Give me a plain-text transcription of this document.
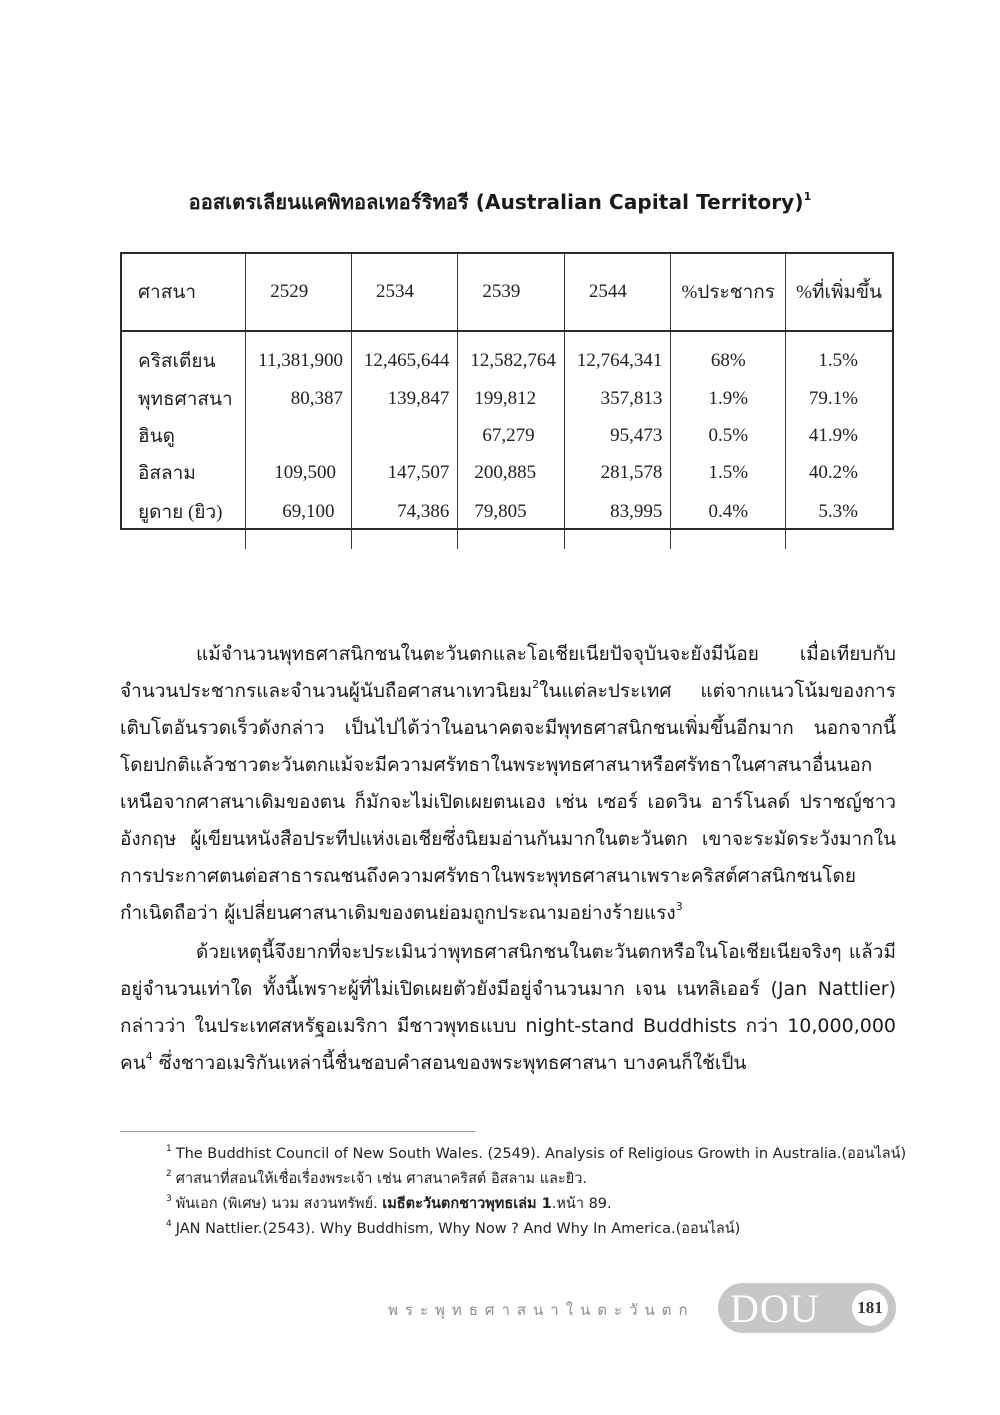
ออสเตรเลียนแคพิทอลเทอร์ริทอรี (Australian Capital Territory)$^1$
ศาสนา	2529	2534	2539	2544	%ประชากร	%ที่เพิ่มขึ้น
คริสเตียน	11,381,900	12,465,644	12,582,764	12,764,341	68%	1.5%
พุทธศาสนา	80,387	139,847	199,812	357,813	1.9%	79.1%
ฮินดู			67,279	95,473	0.5%	41.9%
อิสลาม	109,500	147,507	200,885	281,578	1.5%	40.2%
ยูดาย (ยิว)	69,100	74,386	79,805	83,995	0.4%	5.3%

แม้จำนวนพุทธศาสนิกชนในตะวันตกและโอเชียเนียปัจจุบันจะยังมีน้อย เมื่อเทียบกับจำนวนประชากรและจำนวนผู้นับถือศาสนาเทวนิยม$^2$ในแต่ละประเทศ แต่จากแนวโน้มของการเติบโตอันรวดเร็วดังกล่าว เป็นไปได้ว่าในอนาคตจะมีพุทธศาสนิกชนเพิ่มขึ้นอีกมาก นอกจากนี้โดยปกติแล้วชาวตะวันตกแม้จะมีความศรัทธาในพระพุทธศาสนาหรือศรัทธาในศาสนาอื่นนอกเหนือจากศาสนาเดิมของตน ก็มักจะไม่เปิดเผยตนเอง เช่น เซอร์ เอดวิน อาร์โนลด์ ปราชญ์ชาวอังกฤษ ผู้เขียนหนังสือประทีปแห่งเอเชียซึ่งนิยมอ่านกันมากในตะวันตก เขาจะระมัดระวังมากในการประกาศตนต่อสาธารณชนถึงความศรัทธาในพระพุทธศาสนาเพราะคริสต์ศาสนิกชนโดยกำเนิดถือว่า ผู้เปลี่ยนศาสนาเดิมของตนย่อมถูกประณามอย่างร้ายแรง$^3$

ด้วยเหตุนี้จึงยากที่จะประเมินว่าพุทธศาสนิกชนในตะวันตกหรือในโอเชียเนียจริงๆ แล้วมีอยู่จำนวนเท่าใด ทั้งนี้เพราะผู้ที่ไม่เปิดเผยตัวยังมีอยู่จำนวนมาก เจน เนทลิเออร์ (Jan Nattlier) กล่าวว่า ในประเทศสหรัฐอเมริกา มีชาวพุทธแบบ night-stand Buddhists กว่า 10,000,000 คน$^4$ ซึ่งชาวอเมริกันเหล่านี้ชื่นชอบคำสอนของพระพุทธศาสนา บางคนก็ใช้เป็น

$^1$ The Buddhist Council of New South Wales. (2549). Analysis of Religious Growth in Australia.(ออนไลน์)
$^2$ ศาสนาที่สอนให้เชื่อเรื่องพระเจ้า เช่น ศาสนาคริสต์ อิสลาม และยิว.
$^3$ พันเอก (พิเศษ) นวม สงวนทรัพย์. เมธีตะวันตกชาวพุทธเล่ม 1.หน้า 89.
$^4$ JAN Nattlier.(2543). Why Buddhism, Why Now ? And Why In America.(ออนไลน์)
พระพุทธศาสนาในตะวันตก DOU	181
